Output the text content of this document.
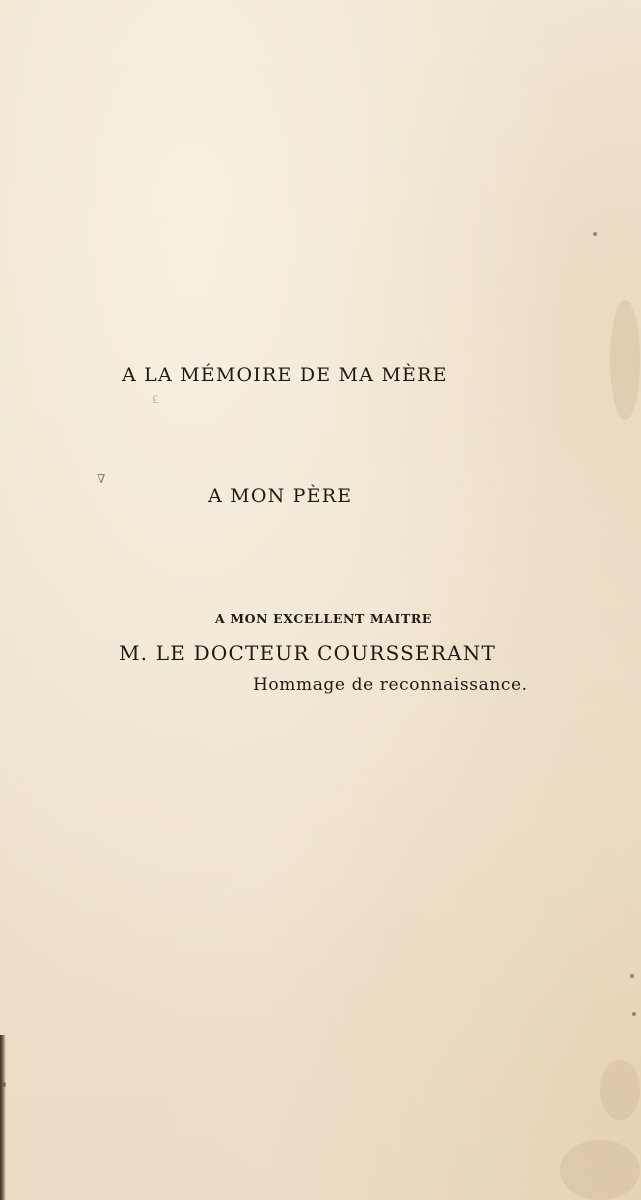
₤
∇
A LA MÉMOIRE DE MA MÈRE
A MON PÈRE
A MON EXCELLENT MAITRE
M. LE DOCTEUR COURSSERANT
Hommage de reconnaissance.
